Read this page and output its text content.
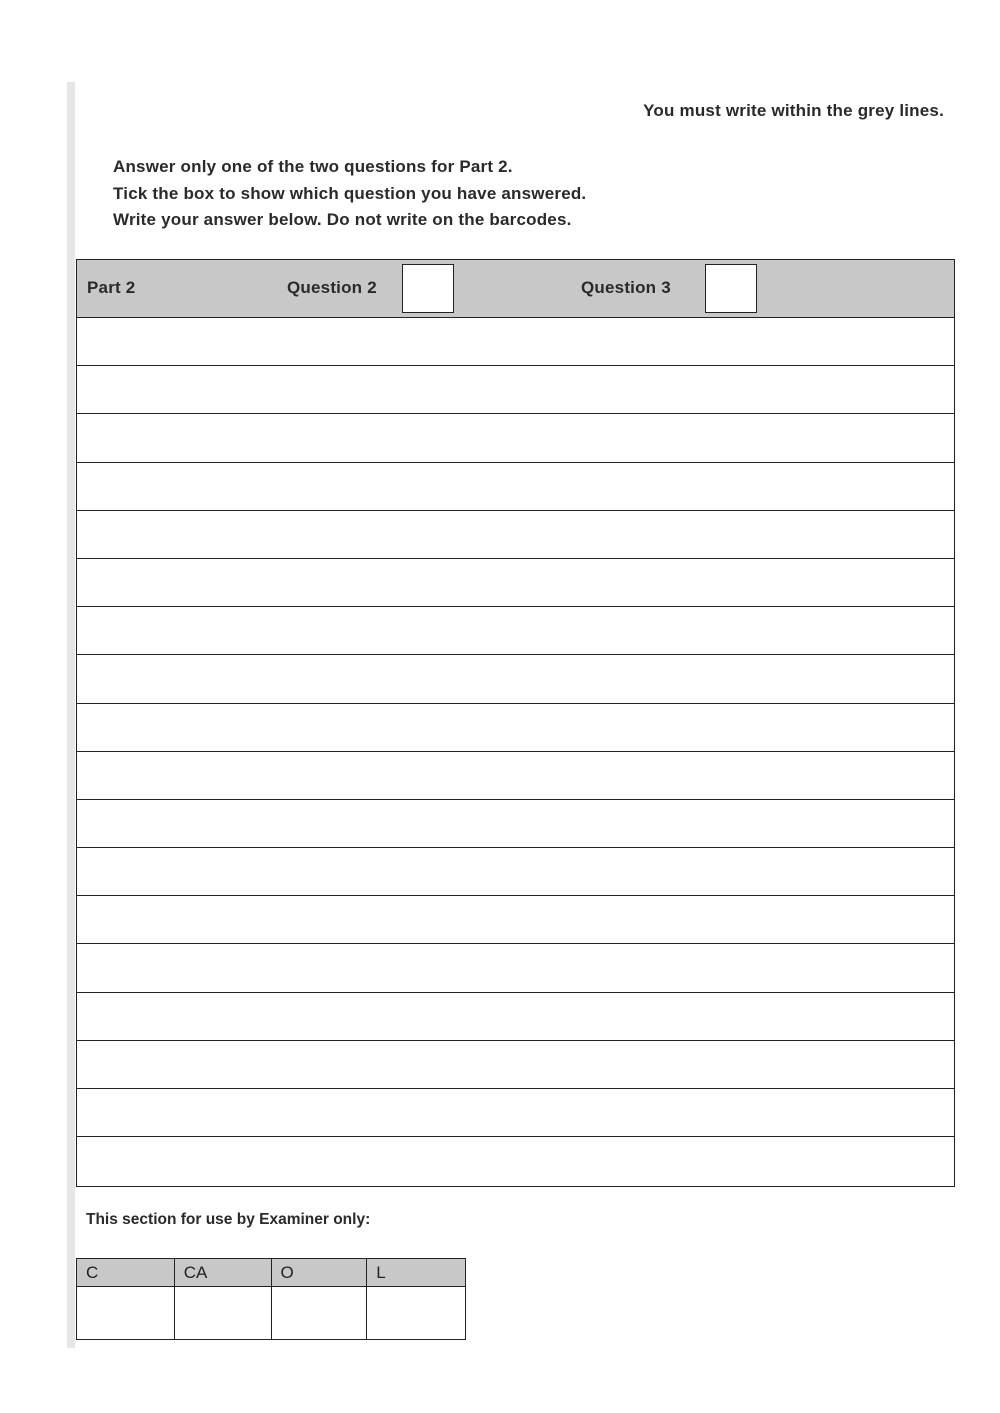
You must write within the grey lines.
Answer only one of the two questions for Part 2.
Tick the box to show which question you have answered.
Write your answer below. Do not write on the barcodes.
Part 2	Question 2	Question 3
This section for use by Examiner only:
C	CA	O	L
